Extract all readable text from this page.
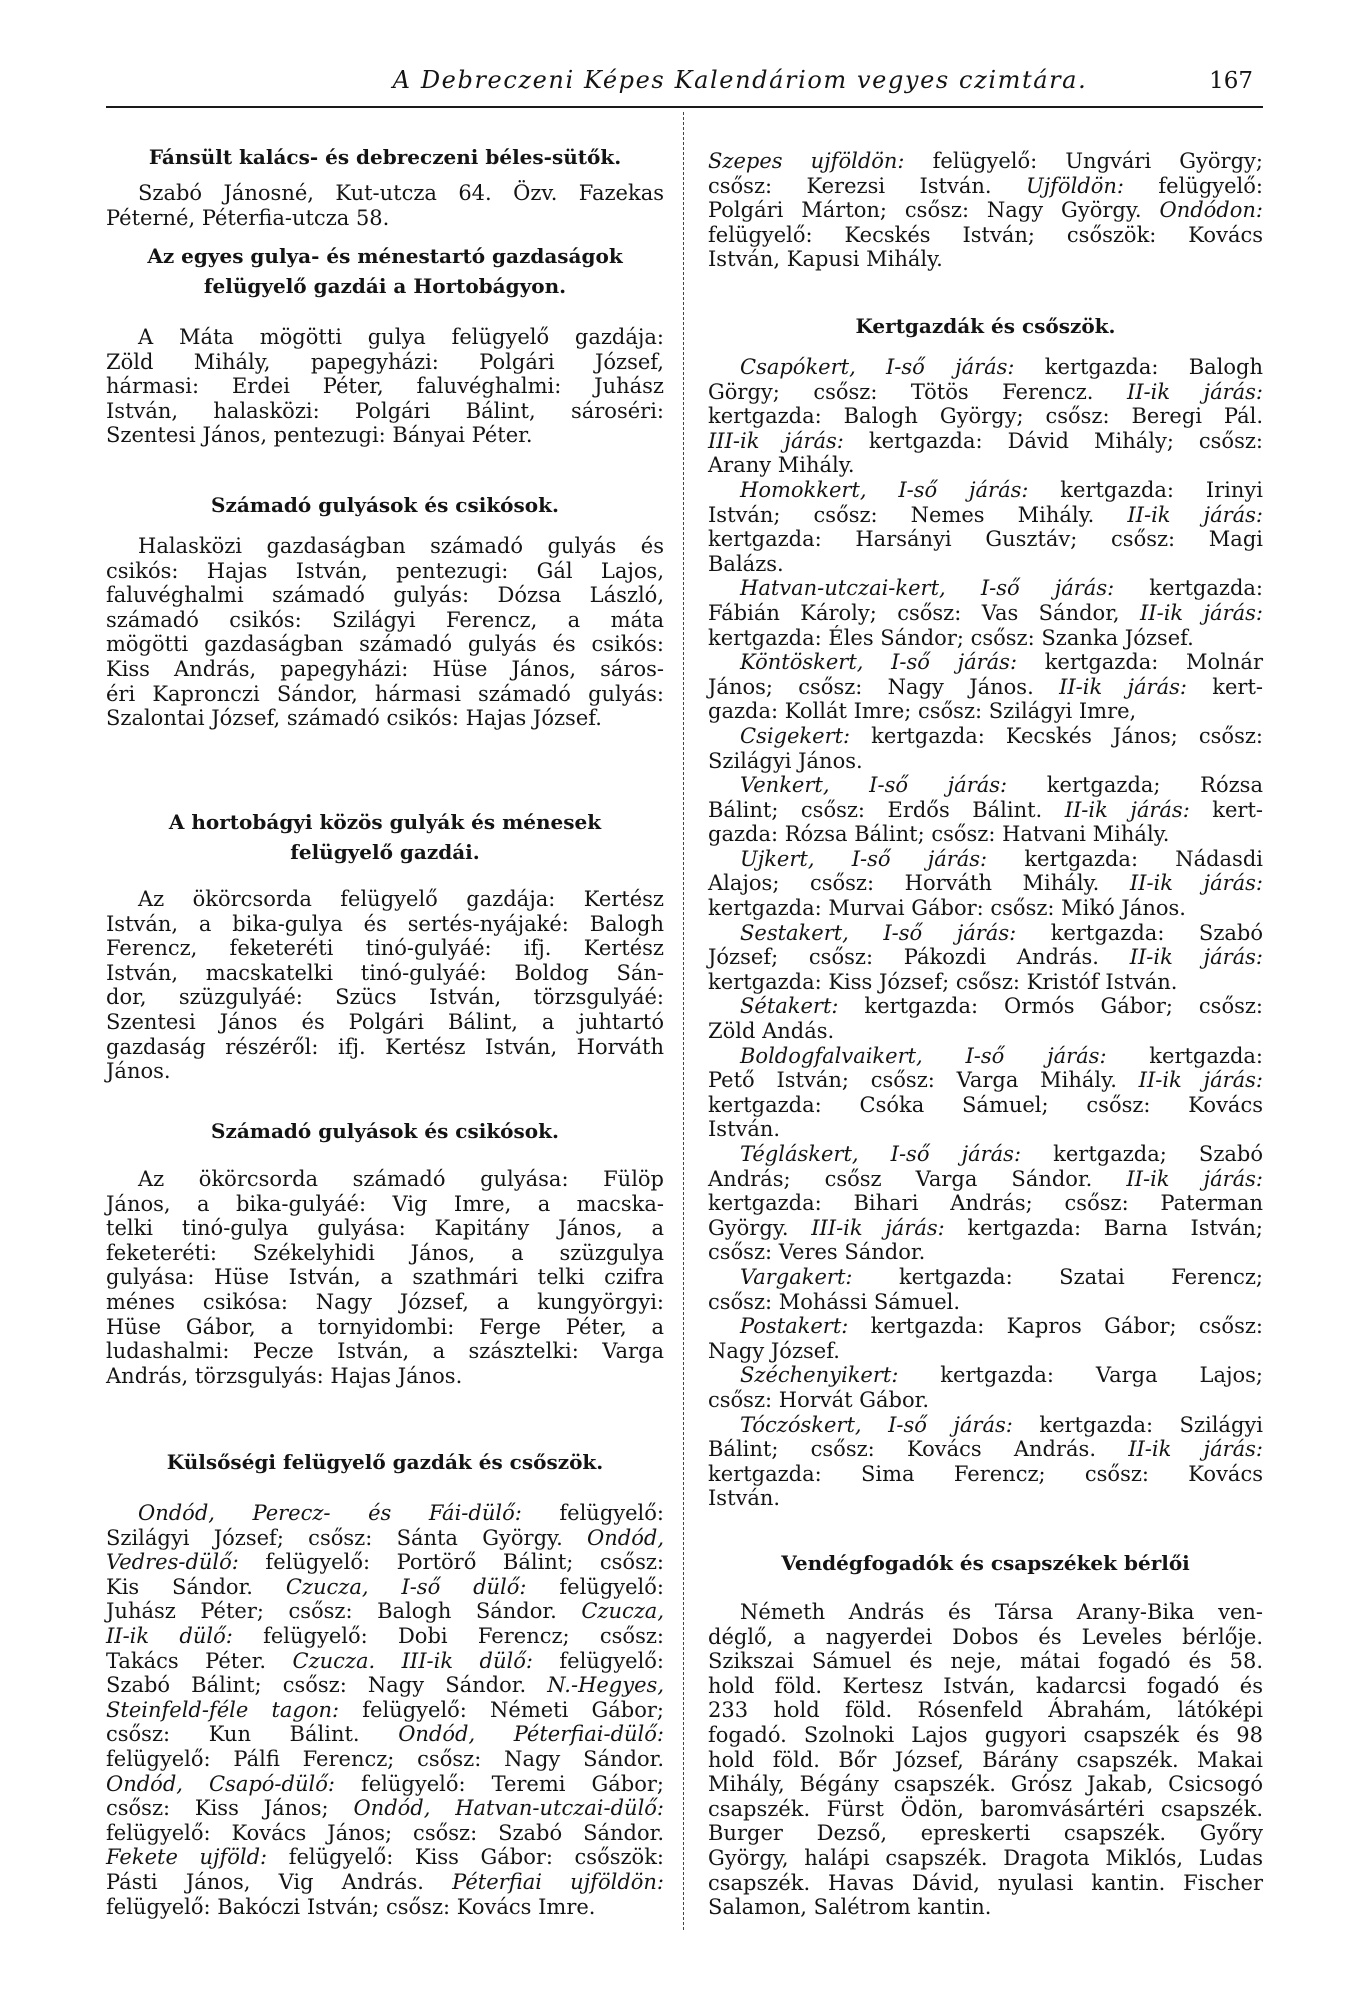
A Debreczeni Képes Kalendáriom vegyes czimtára.	167
Fánsült kalács- és debreczeni béles-sütők.
Szabó Jánosné, Kut-utcza 64. Özv. Fazekas
Péterné, Péterfia-utcza 58.
Az egyes gulya- és ménestartó gazdaságok
felügyelő gazdái a Hortobágyon.
A Máta mögötti gulya felügyelő gazdája:
Zöld Mihály, papegyházi: Polgári József,
hármasi: Erdei Péter, faluvéghalmi: Juhász
István, halasközi: Polgári Bálint, sároséri:
Szentesi János, pentezugi: Bányai Péter.
Számadó gulyások és csikósok.
Halasközi gazdaságban számadó gulyás és
csikós: Hajas István, pentezugi: Gál Lajos,
faluvéghalmi számadó gulyás: Dózsa László,
számadó csikós: Szilágyi Ferencz, a máta
mögötti gazdaságban számadó gulyás és csikós:
Kiss András, papegyházi: Hüse János, sáros-
éri Kapronczi Sándor, hármasi számadó gulyás:
Szalontai József, számadó csikós: Hajas József.
A hortobágyi közös gulyák és ménesek
felügyelő gazdái.
Az ökörcsorda felügyelő gazdája: Kertész
István, a bika-gulya és sertés-nyájaké: Balogh
Ferencz, feketeréti tinó-gulyáé: ifj. Kertész
István, macskatelki tinó-gulyáé: Boldog Sán-
dor, szüzgulyáé: Szücs István, törzsgulyáé:
Szentesi János és Polgári Bálint, a juhtartó
gazdaság részéről: ifj. Kertész István, Horváth
János.
Számadó gulyások és csikósok.
Az ökörcsorda számadó gulyása: Fülöp
János, a bika-gulyáé: Vig Imre, a macska-
telki tinó-gulya gulyása: Kapitány János, a
feketeréti: Székelyhidi János, a szüzgulya
gulyása: Hüse István, a szathmári telki czifra
ménes csikósa: Nagy József, a kungyörgyi:
Hüse Gábor, a tornyidombi: Ferge Péter, a
ludashalmi: Pecze István, a szásztelki: Varga
András, törzsgulyás: Hajas János.
Külsőségi felügyelő gazdák és csőszök.
Ondód, Perecz- és Fái-dülő: felügyelő:
Szilágyi József; csősz: Sánta György. Ondód,
Vedres-dülő: felügyelő: Portörő Bálint; csősz:
Kis Sándor. Czucza, I-ső dülő: felügyelő:
Juhász Péter; csősz: Balogh Sándor. Czucza,
II-ik dülő: felügyelő: Dobi Ferencz; csősz:
Takács Péter. Czucza. III-ik dülő: felügyelő:
Szabó Bálint; csősz: Nagy Sándor. N.-Hegyes,
Steinfeld-féle tagon: felügyelő: Németi Gábor;
csősz: Kun Bálint. Ondód, Péterfiai-dülő:
felügyelő: Pálfi Ferencz; csősz: Nagy Sándor.
Ondód, Csapó-dülő: felügyelő: Teremi Gábor;
csősz: Kiss János; Ondód, Hatvan-utczai-dülő:
felügyelő: Kovács János; csősz: Szabó Sándor.
Fekete ujföld: felügyelő: Kiss Gábor: csőszök:
Pásti János, Vig András. Péterfiai ujföldön:
felügyelő: Bakóczi István; csősz: Kovács Imre.
Szepes ujföldön: felügyelő: Ungvári György;
csősz: Kerezsi István. Ujföldön: felügyelő:
Polgári Márton; csősz: Nagy György. Ondódon:
felügyelő: Kecskés István; csőszök: Kovács
István, Kapusi Mihály.
Kertgazdák és csőszök.
Csapókert, I-ső járás: kertgazda: Balogh
Görgy; csősz: Tötös Ferencz. II-ik járás:
kertgazda: Balogh György; csősz: Beregi Pál.
III-ik járás: kertgazda: Dávid Mihály; csősz:
Arany Mihály.
Homokkert, I-ső járás: kertgazda: Irinyi
István; csősz: Nemes Mihály. II-ik járás:
kertgazda: Harsányi Gusztáv; csősz: Magi
Balázs.
Hatvan-utczai-kert, I-ső járás: kertgazda:
Fábián Károly; csősz: Vas Sándor, II-ik járás:
kertgazda: Éles Sándor; csősz: Szanka József.
Köntöskert, I-ső járás: kertgazda: Molnár
János; csősz: Nagy János. II-ik járás: kert-
gazda: Kollát Imre; csősz: Szilágyi Imre,
Csigekert: kertgazda: Kecskés János; csősz:
Szilágyi János.
Venkert, I-ső járás: kertgazda; Rózsa
Bálint; csősz: Erdős Bálint. II-ik járás: kert-
gazda: Rózsa Bálint; csősz: Hatvani Mihály.
Ujkert, I-ső járás: kertgazda: Nádasdi
Alajos; csősz: Horváth Mihály. II-ik járás:
kertgazda: Murvai Gábor: csősz: Mikó János.
Sestakert, I-ső járás: kertgazda: Szabó
József; csősz: Pákozdi András. II-ik járás:
kertgazda: Kiss József; csősz: Kristóf István.
Sétakert: kertgazda: Ormós Gábor; csősz:
Zöld Andás.
Boldogfalvaikert, I-ső járás: kertgazda:
Pető István; csősz: Varga Mihály. II-ik járás:
kertgazda: Csóka Sámuel; csősz: Kovács
István.
Tégláskert, I-ső járás: kertgazda; Szabó
András; csősz Varga Sándor. II-ik járás:
kertgazda: Bihari András; csősz: Paterman
György. III-ik járás: kertgazda: Barna István;
csősz: Veres Sándor.
Vargakert: kertgazda: Szatai Ferencz;
csősz: Mohássi Sámuel.
Postakert: kertgazda: Kapros Gábor; csősz:
Nagy József.
Széchenyikert: kertgazda: Varga Lajos;
csősz: Horvát Gábor.
Tóczóskert, I-ső járás: kertgazda: Szilágyi
Bálint; csősz: Kovács András. II-ik járás:
kertgazda: Sima Ferencz; csősz: Kovács
István.
Vendégfogadók és csapszékek bérlői
Németh András és Társa Arany-Bika ven-
déglő, a nagyerdei Dobos és Leveles bérlője.
Szikszai Sámuel és neje, mátai fogadó és 58.
hold föld. Kertesz István, kadarcsi fogadó és
233 hold föld. Rósenfeld Ábrahám, látóképi
fogadó. Szolnoki Lajos gugyori csapszék és 98
hold föld. Bőr József, Bárány csapszék. Makai
Mihály, Bégány csapszék. Grósz Jakab, Csicsogó
csapszék. Fürst Ödön, baromvásártéri csapszék.
Burger Dezső, epreskerti csapszék. Győry
György, halápi csapszék. Dragota Miklós, Ludas
csapszék. Havas Dávid, nyulasi kantin. Fischer
Salamon, Salétrom kantin.
